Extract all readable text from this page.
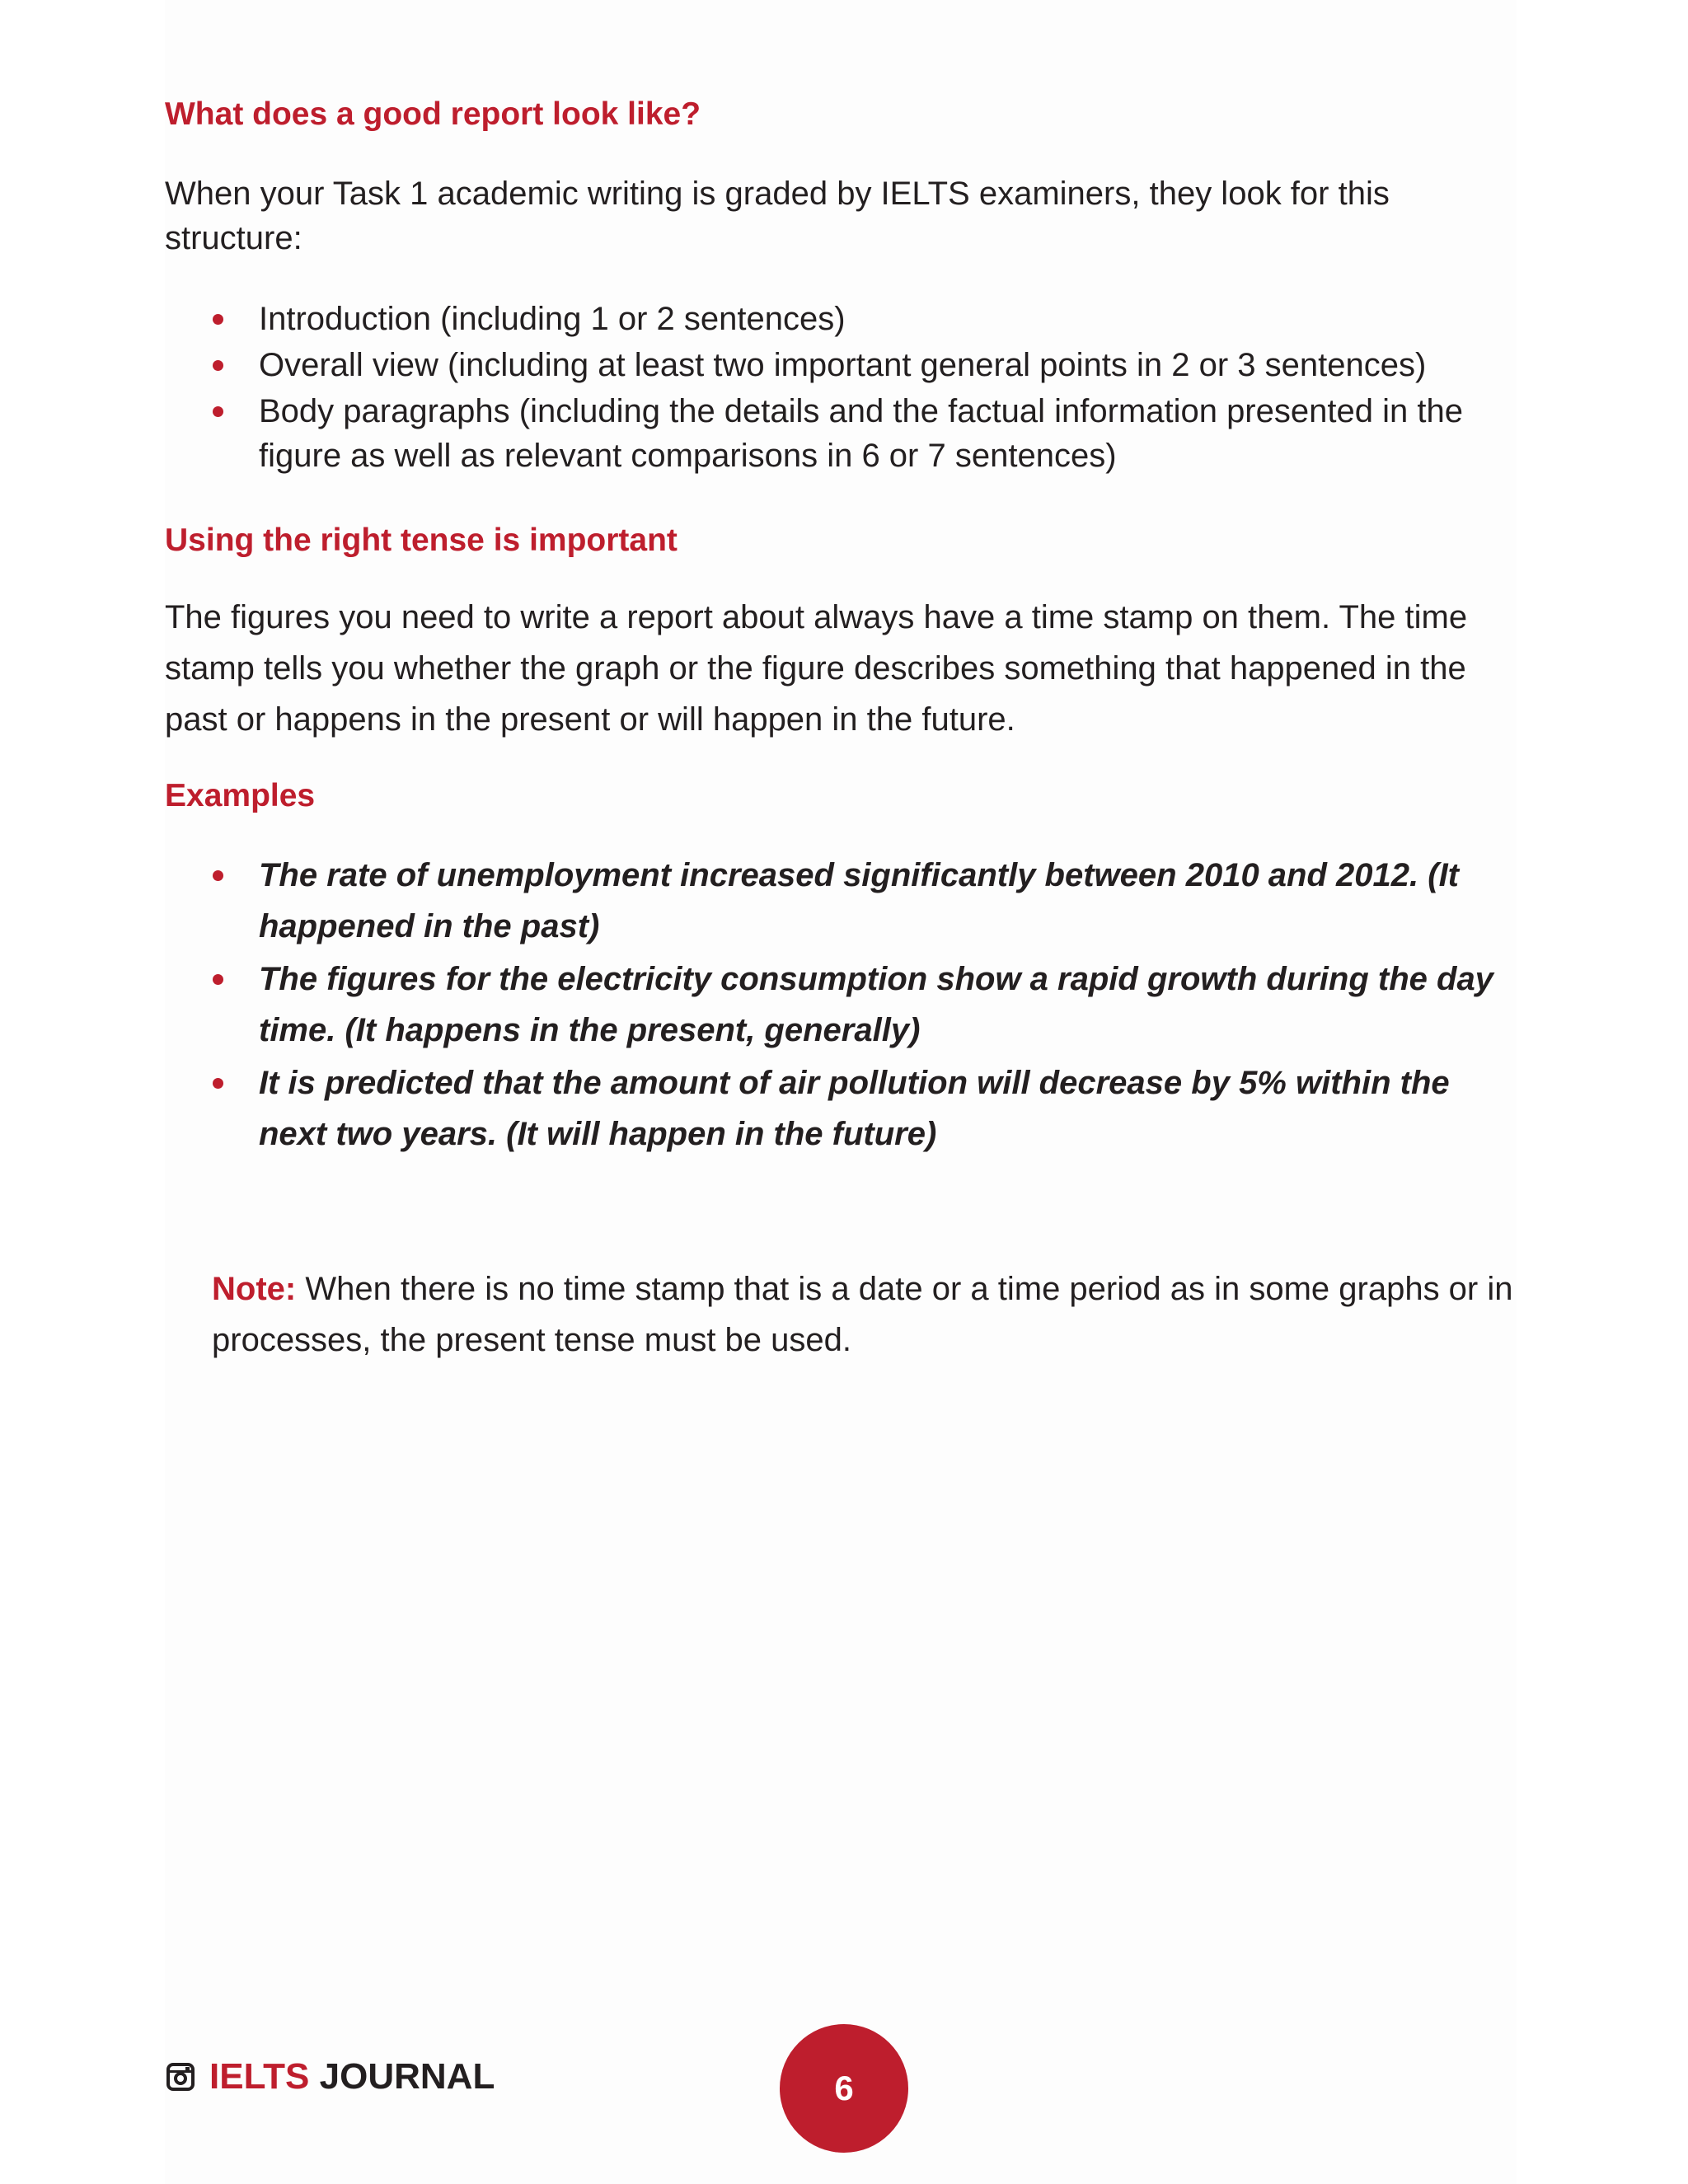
What does a good report look like?

When your Task 1 academic writing is graded by IELTS examiners, they look for this structure:

Introduction (including 1 or 2 sentences)
Overall view (including at least two important general points in 2 or 3 sentences)
Body paragraphs (including the details and the factual information presented in the figure as well as relevant comparisons in 6 or 7 sentences)
Using the right tense is important

The figures you need to write a report about always have a time stamp on them. The time stamp tells you whether the graph or the figure describes something that happened in the past or happens in the present or will happen in the future.

Examples
The rate of unemployment increased significantly between 2010 and 2012. (It happened in the past)
The figures for the electricity consumption show a rapid growth during the day time. (It happens in the present, generally)
It is predicted that the amount of air pollution will decrease by 5% within the next two years. (It will happen in the future)

Note: When there is no time stamp that is a date or a time period as in some graphs or in processes, the present tense must be used.

IELTS JOURNAL	6
